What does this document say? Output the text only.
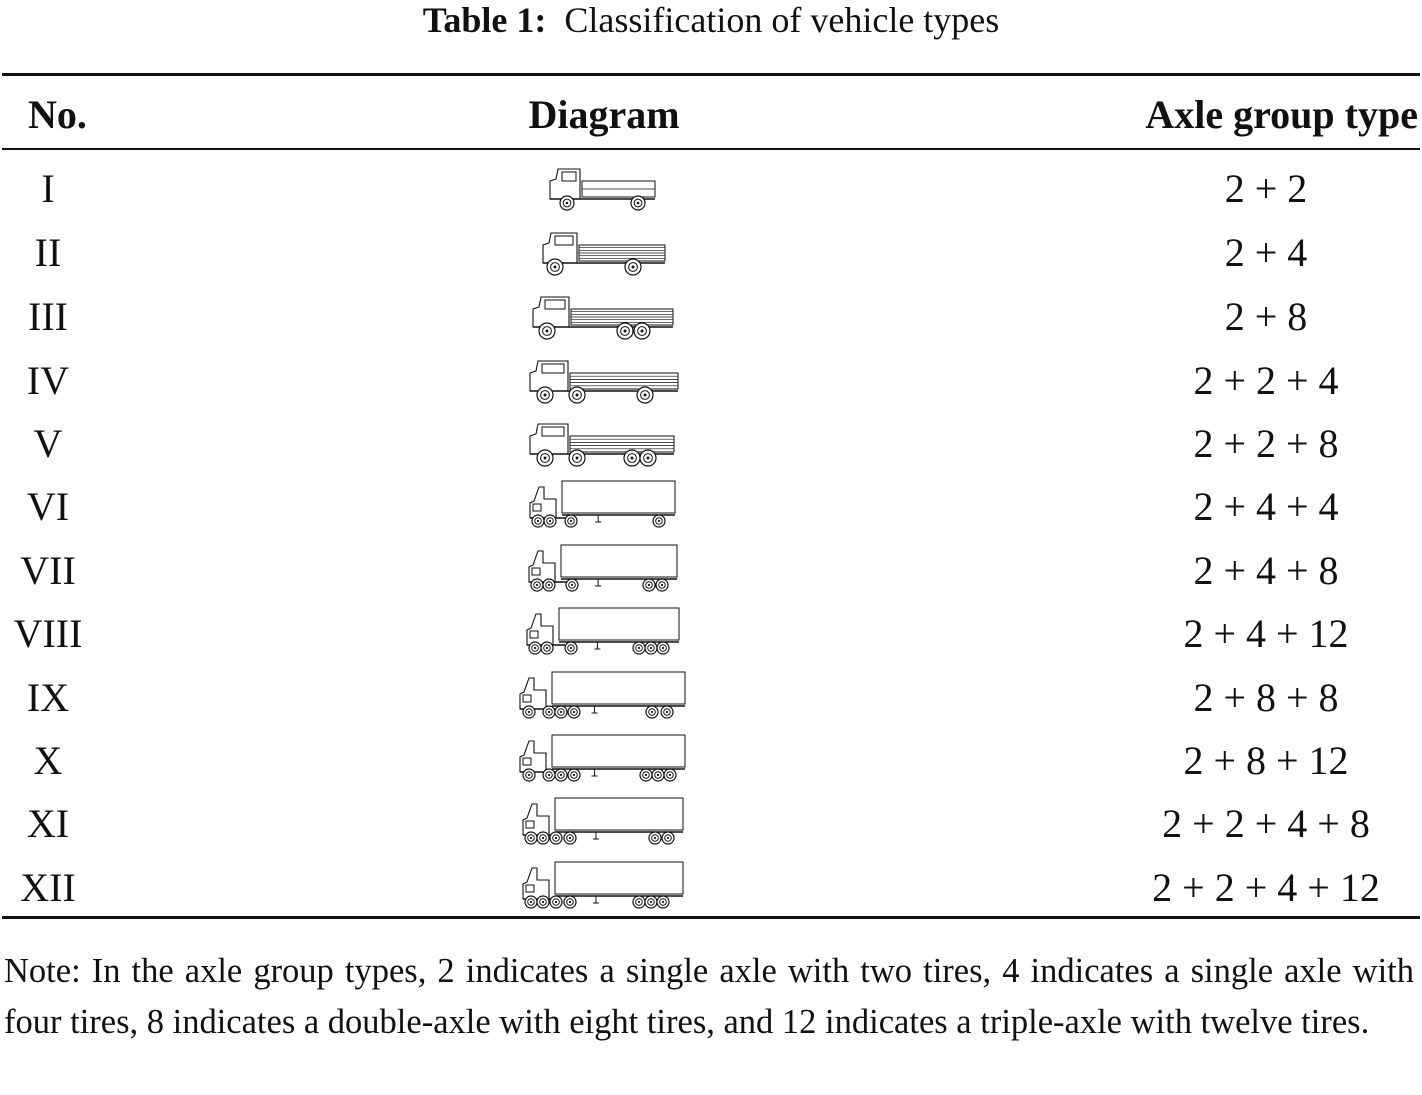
Table 1: Classification of vehicle types
No.	Diagram	Axle group type
I	2 + 2
II	2 + 4
III	2 + 8
IV	2 + 2 + 4
V	2 + 2 + 8
VI	2 + 4 + 4
VII	2 + 4 + 8
VIII	2 + 4 + 12
IX	2 + 8 + 8
X	2 + 8 + 12
XI	2 + 2 + 4 + 8
XII	2 + 2 + 4 + 12
Note: In the axle group types, 2 indicates a single axle with two tires, 4 indicates a single axle with four tires, 8 indicates a double-axle with eight tires, and 12 indicates a triple-axle with twelve tires.
